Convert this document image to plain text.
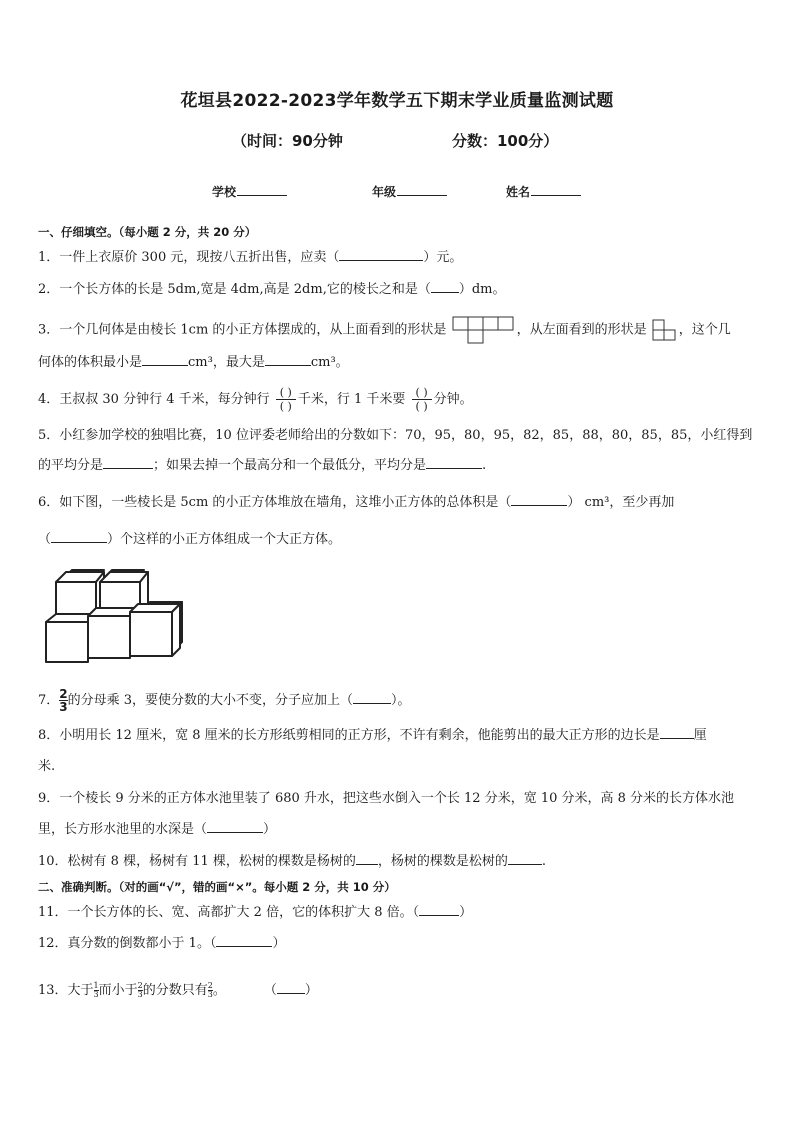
花垣县2022-2023学年数学五下期末学业质量监测试题
（时间：90分钟	分数：100分）
学校	年级	姓名
一、仔细填空。（每小题 2 分，共 20 分）
1．一件上衣原价 300 元，现按八五折出售，应卖（	）元。
2．一个长方体的长是 5dm,宽是 4dm,高是 2dm,它的棱长之和是（ ）dm。
3．一个几何体是由棱长 1cm 的小正方体摆成的，从上面看到的形状是	，从左面看到的形状是 ，这个几
何体的体积最小是	cm³，最大是	cm³。
4．王叔叔 30 分钟行 4 千米，每分钟行 $\frac{( )}{( )}$ 千米，行 1 千米要 $\frac{( )}{( )}$ 分钟。
5．小红参加学校的独唱比赛，10 位评委老师给出的分数如下：70，95，80，95，82，85，88，80，85，85，小红得到
的平均分是	；如果去掉一个最高分和一个最低分，平均分是	.
6．如下图，一些棱长是 5cm 的小正方体堆放在墙角，这堆小正方体的总体积是（	） cm³，至少再加
（	）个这样的小正方体组成一个大正方体。
7． $\frac{2}{3}$ 的分母乘 3，要使分数的大小不变，分子应加上（	）。
8．小明用长 12 厘米，宽 8 厘米的长方形纸剪相同的正方形，不许有剩余，他能剪出的最大正方形的边长是	厘
米.
9．一个棱长 9 分米的正方体水池里装了 680 升水，把这些水倒入一个长 12 分米，宽 10 分米，高 8 分米的长方体水池
里，长方形水池里的水深是（	）
10．松树有 8 棵，杨树有 11 棵，松树的棵数是杨树的 ，杨树的棵数是松树的	.
二、准确判断。（对的画“√”，错的画“×”。每小题 2 分，共 10 分）
11．一个长方体的长、宽、高都扩大 2 倍，它的体积扩大 8 倍。（	）
12．真分数的倒数都小于 1。（	）
13．大于 $\frac{1}{3}$ 而小于 $\frac{2}{3}$ 的分数只有 $\frac{2}{3}$ 。	（ ）
